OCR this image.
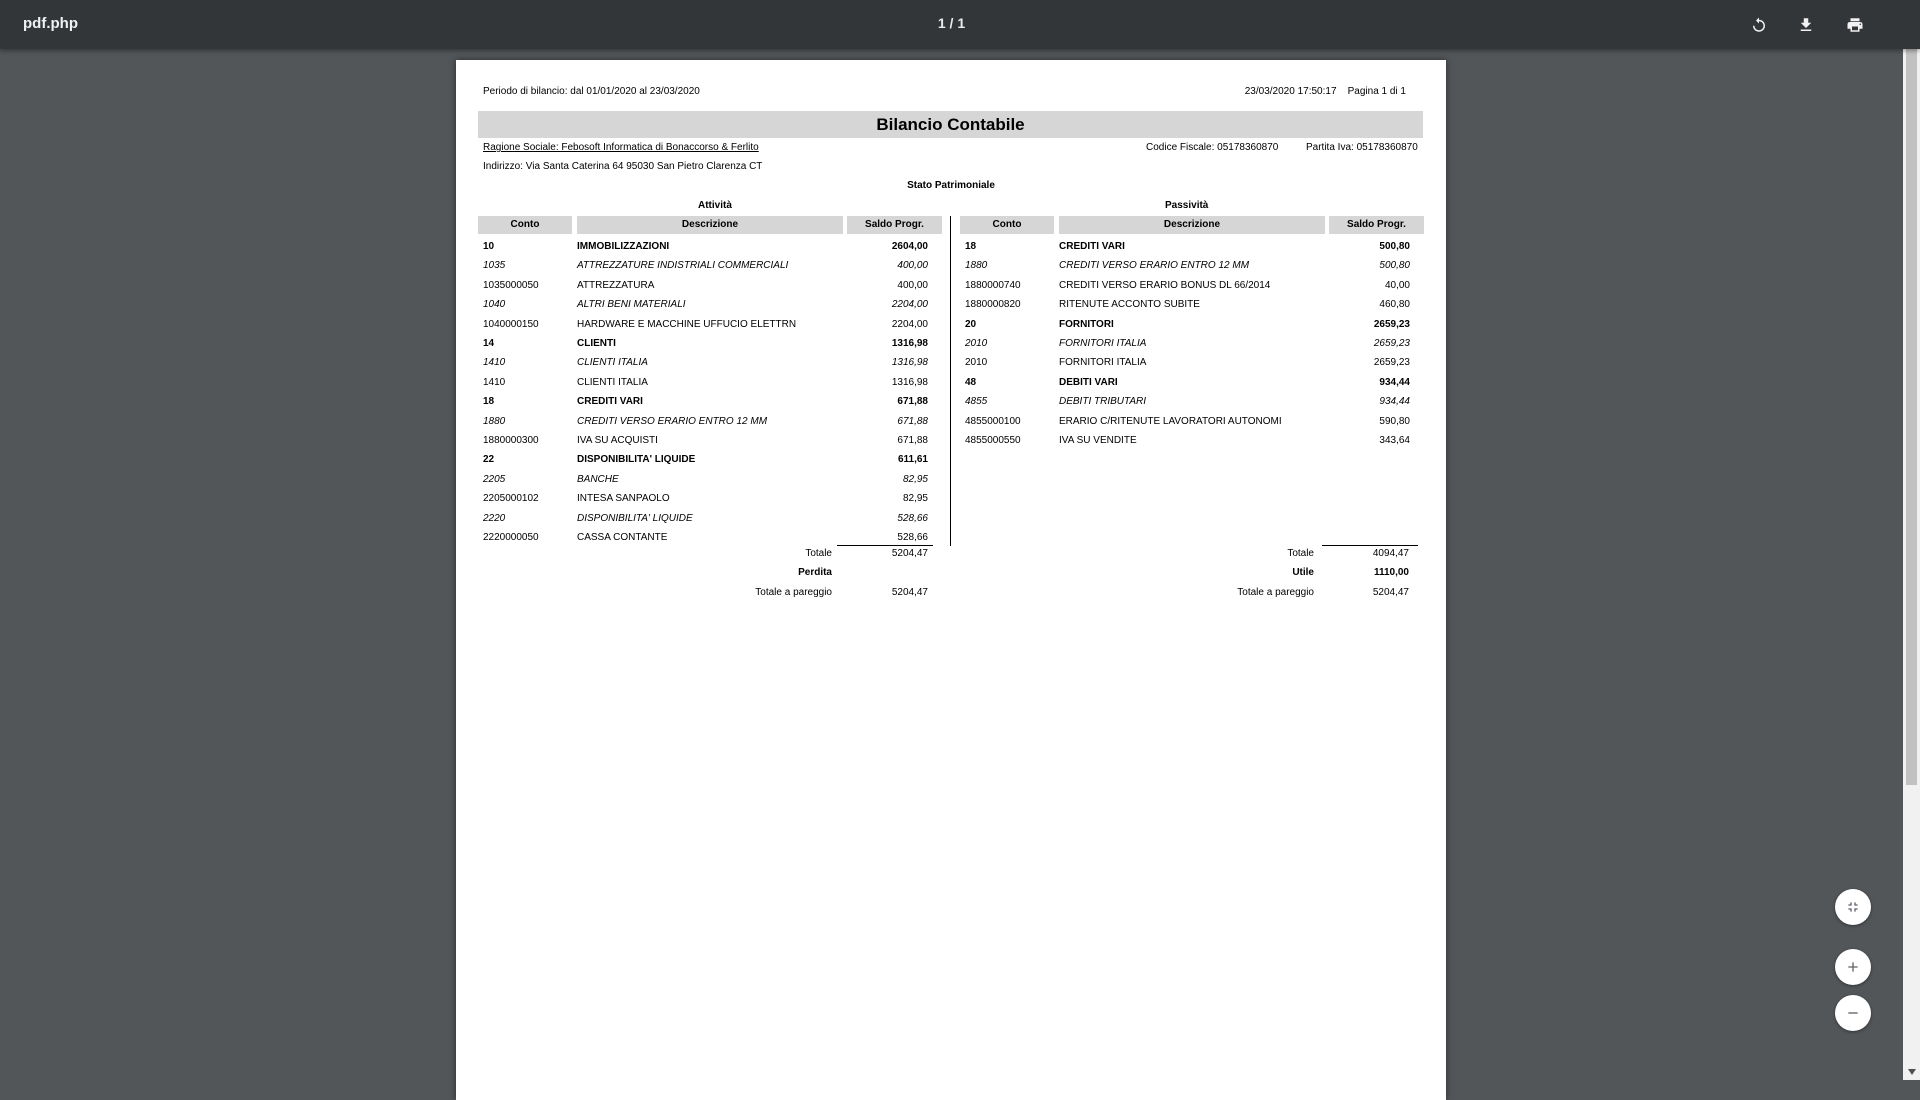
pdf.php	1 / 1
Periodo di bilancio: dal 01/01/2020 al 23/03/2020	23/03/2020 17:50:17    Pagina 1 di 1
Bilancio Contabile
Ragione Sociale: Febosoft Informatica di Bonaccorso & Ferlito	Codice Fiscale: 05178360870	Partita Iva: 05178360870
Indirizzo: Via Santa Caterina 64 95030 San Pietro Clarenza CT
Stato Patrimoniale
Attività	Passività
Conto	Descrizione	Saldo Progr.	Conto	Descrizione	Saldo Progr.
10	IMMOBILIZZAZIONI	2604,00
1035	ATTREZZATURE INDISTRIALI COMMERCIALI	400,00
1035000050	ATTREZZATURA	400,00
1040	ALTRI BENI MATERIALI	2204,00
1040000150	HARDWARE E MACCHINE UFFUCIO ELETTRN	2204,00
14	CLIENTI	1316,98
1410	CLIENTI ITALIA	1316,98
1410	CLIENTI ITALIA	1316,98
18	CREDITI VARI	671,88
1880	CREDITI VERSO ERARIO ENTRO 12 MM	671,88
1880000300	IVA SU ACQUISTI	671,88
22	DISPONIBILITA' LIQUIDE	611,61
2205	BANCHE	82,95
2205000102	INTESA SANPAOLO	82,95
2220	DISPONIBILITA' LIQUIDE	528,66
2220000050	CASSA CONTANTE	528,66
18	CREDITI VARI	500,80
1880	CREDITI VERSO ERARIO ENTRO 12 MM	500,80
1880000740	CREDITI VERSO ERARIO BONUS DL 66/2014	40,00
1880000820	RITENUTE ACCONTO SUBITE	460,80
20	FORNITORI	2659,23
2010	FORNITORI ITALIA	2659,23
2010	FORNITORI ITALIA	2659,23
48	DEBITI VARI	934,44
4855	DEBITI TRIBUTARI	934,44
4855000100	ERARIO C/RITENUTE LAVORATORI AUTONOMI	590,80
4855000550	IVA SU VENDITE	343,64
Totale	5204,47
Perdita
Totale a pareggio	5204,47
Totale	4094,47
Utile	1110,00
Totale a pareggio	5204,47
